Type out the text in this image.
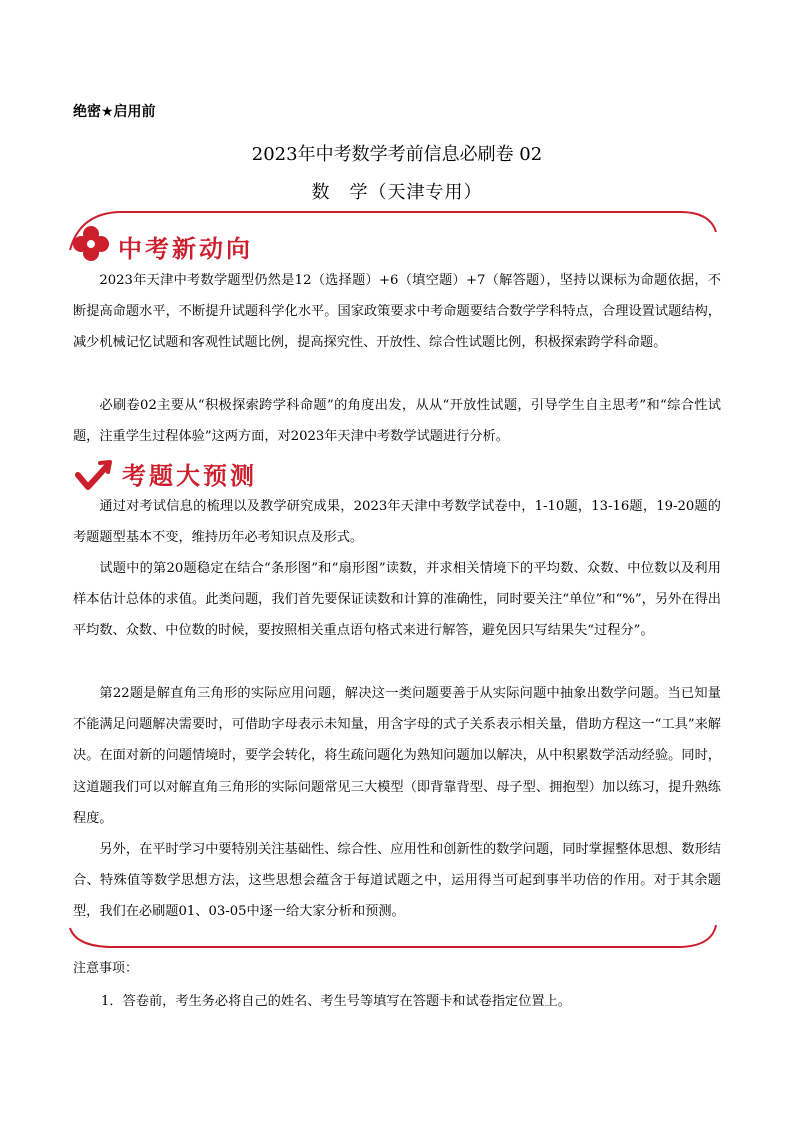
绝密★启用前
2023年中考数学考前信息必刷卷 02
数　学（天津专用）
中考新动向

2023年天津中考数学题型仍然是12（选择题）+6（填空题）+7（解答题），坚持以课标为命题依据，不断提高命题水平，不断提升试题科学化水平。国家政策要求中考命题要结合数学学科特点，合理设置试题结构，减少机械记忆试题和客观性试题比例，提高探究性、开放性、综合性试题比例，积极探索跨学科命题。

必刷卷02主要从“积极探索跨学科命题”的角度出发，从从“开放性试题，引导学生自主思考”和“综合性试题，注重学生过程体验”这两方面，对2023年天津中考数学试题进行分析。

考题大预测

通过对考试信息的梳理以及教学研究成果，2023年天津中考数学试卷中，1-10题，13-16题，19-20题的考题题型基本不变，维持历年必考知识点及形式。

试题中的第20题稳定在结合“条形图”和“扇形图”读数，并求相关情境下的平均数、众数、中位数以及利用样本估计总体的求值。此类问题，我们首先要保证读数和计算的准确性，同时要关注“单位”和“%”，另外在得出平均数、众数、中位数的时候，要按照相关重点语句格式来进行解答，避免因只写结果失“过程分”。

第22题是解直角三角形的实际应用问题，解决这一类问题要善于从实际问题中抽象出数学问题。当已知量不能满足问题解决需要时，可借助字母表示未知量，用含字母的式子关系表示相关量，借助方程这一“工具”来解决。在面对新的问题情境时，要学会转化，将生疏问题化为熟知问题加以解决，从中积累数学活动经验。同时，这道题我们可以对解直角三角形的实际问题常见三大模型（即背靠背型、母子型、拥抱型）加以练习，提升熟练程度。

另外，在平时学习中要特别关注基础性、综合性、应用性和创新性的数学问题，同时掌握整体思想、数形结合、特殊值等数学思想方法，这些思想会蕴含于每道试题之中，运用得当可起到事半功倍的作用。对于其余题型，我们在必刷题01、03-05中逐一给大家分析和预测。

注意事项：
1．答卷前，考生务必将自己的姓名、考生号等填写在答题卡和试卷指定位置上。
